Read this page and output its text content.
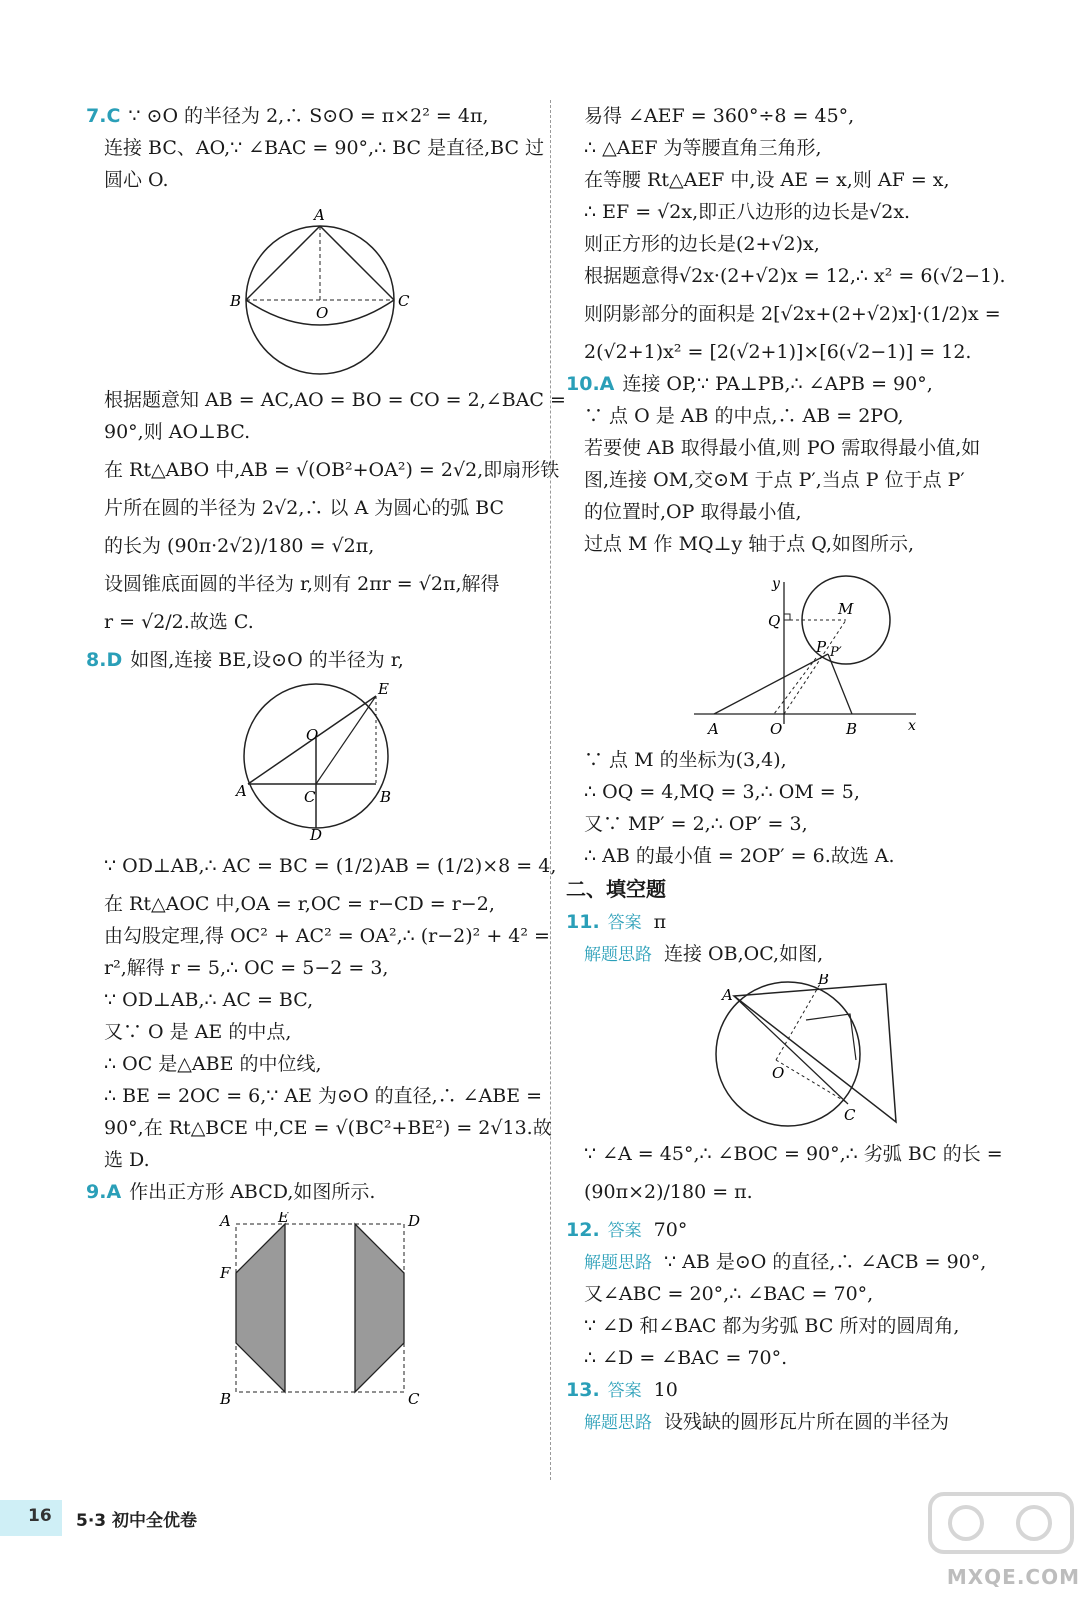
7.C ∵ ⊙O 的半径为 2,∴ S⊙O = π×2² = 4π,
连接 BC、AO,∵ ∠BAC = 90°,∴ BC 是直径,BC 过
圆心 O.
A
B
O
C
根据题意知 AB = AC,AO = BO = CO = 2,∠BAC =
90°,则 AO⊥BC.
在 Rt△ABO 中,AB = √(OB²+OA²) = 2√2,即扇形铁
片所在圆的半径为 2√2,∴ 以 A 为圆心的弧 BC
的长为 (90π·2√2)/180 = √2π,
设圆锥底面圆的半径为 r,则有 2πr = √2π,解得
r = √2/2.故选 C.
8.D 如图,连接 BE,设⊙O 的半径为 r,
E
O
A	C	B
D
∵ OD⊥AB,∴ AC = BC = (1/2)AB = (1/2)×8 = 4,
在 Rt△AOC 中,OA = r,OC = r−CD = r−2,
由勾股定理,得 OC² + AC² = OA²,∴ (r−2)² + 4² =
r²,解得 r = 5,∴ OC = 5−2 = 3,
∵ OD⊥AB,∴ AC = BC,
又∵ O 是 AE 的中点,
∴ OC 是△ABE 的中位线,
∴ BE = 2OC = 6,∵ AE 为⊙O 的直径,∴ ∠ABE =
90°,在 Rt△BCE 中,CE = √(BC²+BE²) = 2√13.故
选 D.
9.A 作出正方形 ABCD,如图所示.
A	E	D
F
B	C
易得 ∠AEF = 360°÷8 = 45°,
∴ △AEF 为等腰直角三角形,
在等腰 Rt△AEF 中,设 AE = x,则 AF = x,
∴ EF = √2x,即正八边形的边长是√2x.
则正方形的边长是(2+√2)x,
根据题意得√2x·(2+√2)x = 12,∴ x² = 6(√2−1).
则阴影部分的面积是 2[√2x+(2+√2)x]·(1/2)x =
2(√2+1)x² = [2(√2+1)]×[6(√2−1)] = 12.
10.A 连接 OP,∵ PA⊥PB,∴ ∠APB = 90°,
∵ 点 O 是 AB 的中点,∴ AB = 2PO,
若要使 AB 取得最小值,则 PO 需取得最小值,如
图,连接 OM,交⊙M 于点 P′,当点 P 位于点 P′
的位置时,OP 取得最小值,
过点 M 作 MQ⊥y 轴于点 Q,如图所示,
y
Q
M
P P′
A	O	B	x
∵ 点 M 的坐标为(3,4),
∴ OQ = 4,MQ = 3,∴ OM = 5,
又∵ MP′ = 2,∴ OP′ = 3,
∴ AB 的最小值 = 2OP′ = 6.故选 A.
二、填空题
11. 答案 π
解题思路 连接 OB,OC,如图,
A
B
O
C
∵ ∠A = 45°,∴ ∠BOC = 90°,∴ 劣弧 BC 的长 =
(90π×2)/180 = π.
12. 答案 70°
解题思路 ∵ AB 是⊙O 的直径,∴ ∠ACB = 90°,
又∠ABC = 20°,∴ ∠BAC = 70°,
∵ ∠D 和∠BAC 都为劣弧 BC 所对的圆周角,
∴ ∠D = ∠BAC = 70°.
13. 答案 10
解题思路 设残缺的圆形瓦片所在圆的半径为
16 5·3 初中全优卷
MXQE.COM
